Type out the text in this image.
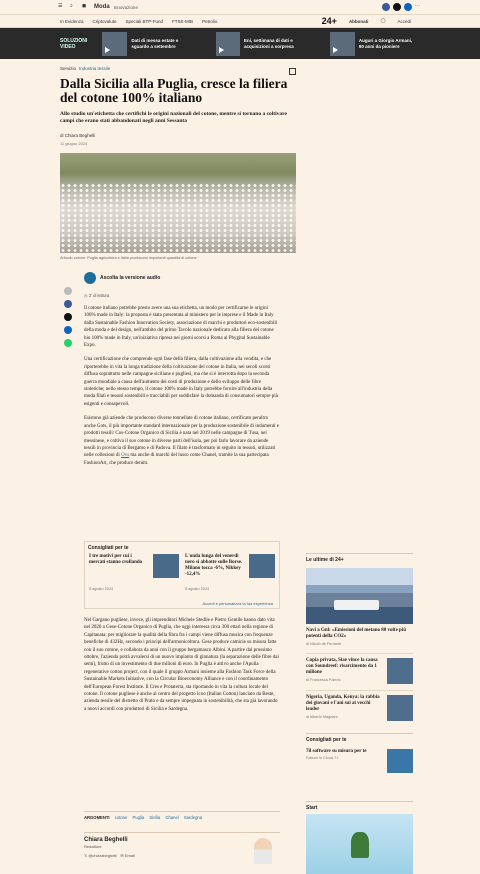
☰	⌕	◼	Moda Innovazione	⋯
In Evidenza Criptovalute Speciali BTP-Fund FTSE-MIB Petrolio	24+	Abbonati	◯	Accedi
SOLUZIONI VIDEO
Dati di messa estate e sguardo a settembre
Eni, settimana di dati e acquisizioni a sorpresa
Auguri a Giorgio Armani, 90 anni da pioniere
Servizio Industria tessile
Dalla Sicilia alla Puglia, cresce la filiera del cotone 100% italiano
Allo studio un'etichetta che certifichi le origini nazionali del cotone, mentre si tornano a coltivare campi che erano stati abbandonati negli anni Sessanta
di Chiara Beghelli
11 giugno 2024
Articolo cotone: Puglia agricoltura e Italia producono importanti quantità di cotone
Ascolta la versione audio
◷ 2' di lettura

Il cotone italiano potrebbe presto avere una sua etichetta, un modo per certificarne le origini 100% made in Italy: la proposta è stata presentata al ministero per le imprese e il Made in Italy dalla Sustainable Fashion Innovation Society, associazione di marchi e produttori eco-sostenibili della moda e del design, nell'ambito del primo Tavolo nazionale dedicato alla filiera del cotone bio 100% made in Italy, un'iniziativa ripresa nei giorni scorsi a Roma al Phygital Sustainable Expo.

Una certificazione che comprende ogni fase della filiera, dalla coltivazione alla vendita, e che riporterebbe in vita la lunga tradizione della coltivazione del cotone in Italia, nei secoli scorsi diffusa soprattutto nelle campagne siciliane e pugliesi, ma che si è interrotta dopo la seconda guerra mondiale a causa dell'aumento dei costi di produzione e dello sviluppo delle fibre sintetiche; nello stesso tempo, il cotone 100% made in Italy potrebbe fornire all'industria della moda filati e tessuti sostenibili e tracciabili per soddisfare la domanda di consumatori sempre più esigenti e consapevoli.

Esistono già aziende che producono diverse tonnellate di cotone italiano, certificato peraltro anche Gots, il più importante standard internazionale per la produzione sostenibile di indumenti e prodotti tessili: Cos-Cotone Organico di Sicilia è nata nel 2019 nelle campagne di Tusa, nel messinese, e coltiva il suo cotone in diverse parti dell'isola, per poi farlo lavorare da aziende tessili in provincia di Bergamo e di Padova. Il filato è trasformato in seguito in tessuti, utilizzati nelle collezioni di Ovs ma anche di marchi del lusso come Chanel, tramite la sua partecipata FashionArt, che produce denim.

Consigliati per te
I tre motivi per cui i mercati stanno crollando
5 agosto 2024
L'onda lunga del venerdì nero si abbatte sulle Borse. Milano tocca -6%, Nikkey -12,4%
5 agosto 2024
Accedi e personalizza la tua esperienza

Nel Gargano pugliese, invece, gli imprenditori Michele Stedile e Pietro Gentile hanno dato vita nel 2020 a Gese-Cotone Organico di Puglia, che oggi interessa circa 300 ettari nella regione di Capitanata: per migliorare la qualità della fibra fra i campi viene diffusa musica con frequenze benefiche di 432Hz, secondo i principi dell'armonicoltura. Gese produce camicie su misura fatte con il suo cotone, e collabora da anni con il gruppo bergamasco Albini. A partire dal prossimo ottobre, l'azienda potrà avvalersi di un nuovo impianto di ginnatura (la separazione delle fibre dai semi), frutto di un investimento di due milioni di euro. In Puglia è attivo anche l'Apulia regenerative cotton project, con il quale il gruppo Armani insieme alla Fashion Task Force della Sustainable Markets Initiative, con la Circular Bioeconomy Alliance e con il coordinamento dell'European Forest Institute. Il Cres e Protaterra, sta riportando in vita la coltura locale del cotone. Il cotone pugliese è anche al centro del progetto Icoo (Italian Cotton) lanciato da Beste, azienda tessile del distretto di Prato e da sempre impegnata in sostenibilità, che sta già lavorando a nuovi accordi con produttori di Sicilia e Sardegna.

ARGOMENTI cotone Puglia Sicilia Chanel Sardegna
Chiara Beghelli
Redattore
𝕏 @chiarabeghelli   ✉ Email
Le ultime di 24+
Navi a Gnl: «Emissioni del metano 80 volte più potenti della CO2»
di Nicolò de Ferrante
Copia privata, Siae vince la causa con Soundreef: risarcimento da 1 milione
di Francesca Polerio
Nigeria, Uganda, Kenya: la rabbia dei giovani e l'ani sui ai vecchi leader
di Alberto Magnani
Consigliati per te
7il software su misura per te
Fatturo in Cloud 7.t
Start
